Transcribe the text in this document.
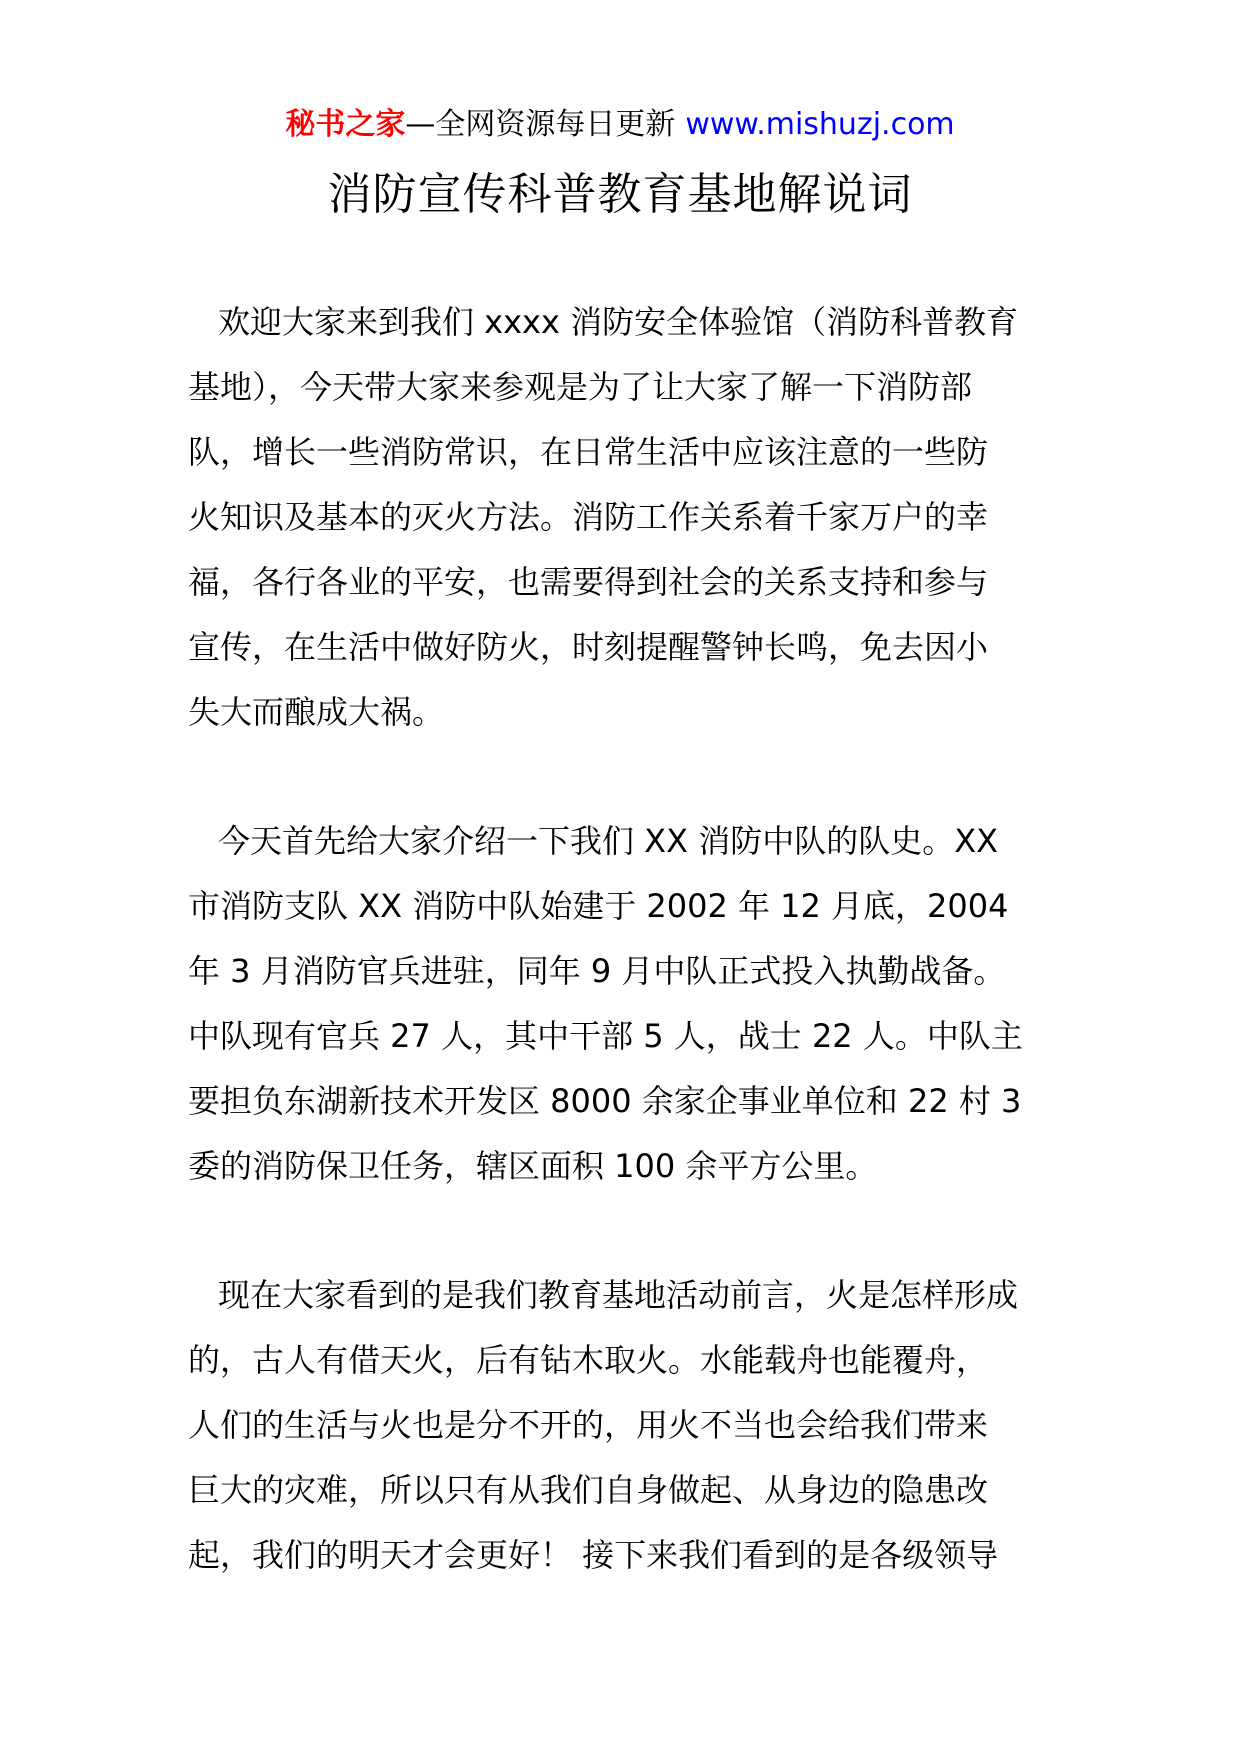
秘书之家—全网资源每日更新 www.mishuzj.com
消防宣传科普教育基地解说词
欢迎大家来到我们 xxxx 消防安全体验馆（消防科普教育
基地），今天带大家来参观是为了让大家了解一下消防部
队，增长一些消防常识，在日常生活中应该注意的一些防
火知识及基本的灭火方法。消防工作关系着千家万户的幸
福，各行各业的平安，也需要得到社会的关系支持和参与
宣传，在生活中做好防火，时刻提醒警钟长鸣，免去因小
失大而酿成大祸。
今天首先给大家介绍一下我们 XX 消防中队的队史。XX
市消防支队 XX 消防中队始建于 2002 年 12 月底，2004
年 3 月消防官兵进驻，同年 9 月中队正式投入执勤战备。
中队现有官兵 27 人，其中干部 5 人，战士 22 人。中队主
要担负东湖新技术开发区 8000 余家企事业单位和 22 村 3
委的消防保卫任务，辖区面积 100 余平方公里。
现在大家看到的是我们教育基地活动前言，火是怎样形成
的，古人有借天火，后有钻木取火。水能载舟也能覆舟，
人们的生活与火也是分不开的，用火不当也会给我们带来
巨大的灾难，所以只有从我们自身做起、从身边的隐患改
起，我们的明天才会更好！ 接下来我们看到的是各级领导
